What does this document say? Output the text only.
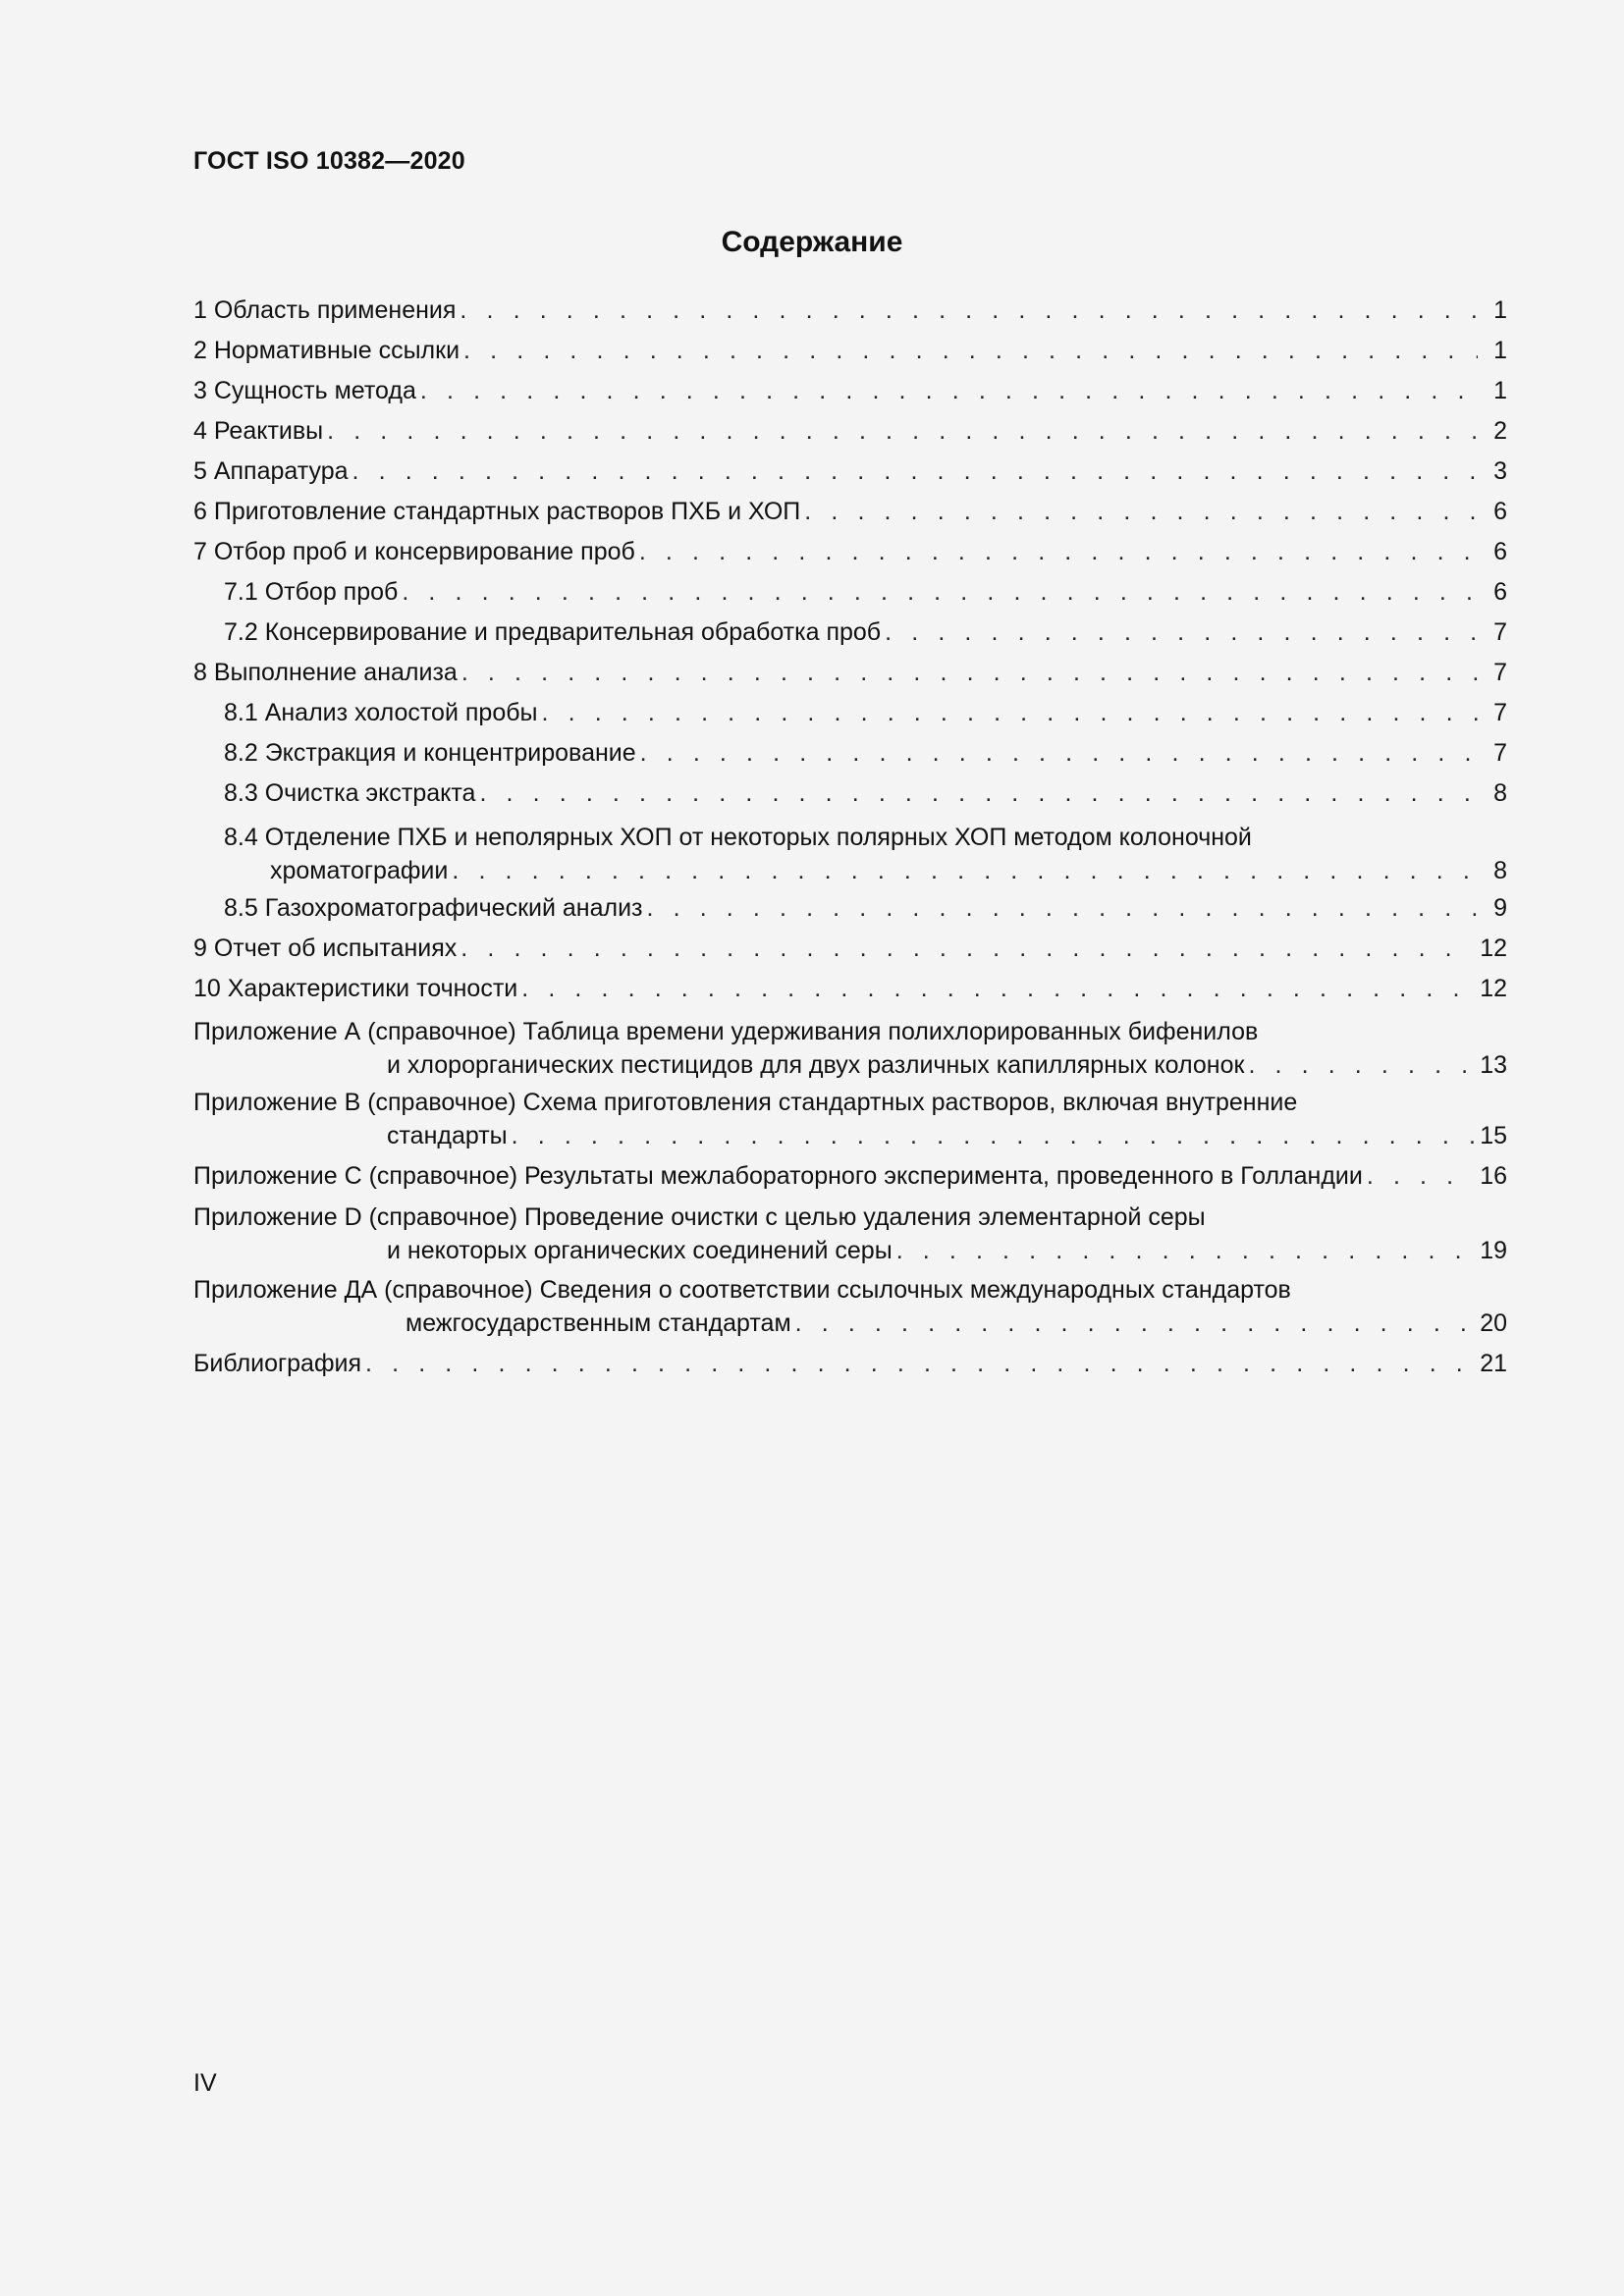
ГОСТ ISO 10382—2020
Содержание
1 Область применения . . .	1
2 Нормативные ссылки . . .	1
3 Сущность метода . . .	1
4 Реактивы . . .	2
5 Аппаратура . . .	3
6 Приготовление стандартных растворов ПХБ и ХОП . . .	6
7 Отбор проб и консервирование проб . . .	6
7.1 Отбор проб . . .	6
7.2 Консервирование и предварительная обработка проб . . .	7
8 Выполнение анализа . . .	7
8.1 Анализ холостой пробы . . .	7
8.2 Экстракция и концентрирование . . .	7
8.3 Очистка экстракта . . .	8
8.4 Отделение ПХБ и неполярных ХОП от некоторых полярных ХОП методом колоночной
хроматографии . . .	8
8.5 Газохроматографический анализ . . .	9
9 Отчет об испытаниях . . .	12
10 Характеристики точности . . .	12
Приложение А (справочное) Таблица времени удерживания полихлорированных бифенилов
и хлорорганических пестицидов для двух различных капиллярных колонок . . .	13
Приложение В (справочное) Схема приготовления стандартных растворов, включая внутренние
стандарты . . .	15
Приложение С (справочное) Результаты межлабораторного эксперимента, проведенного в Голландии . . .	16
Приложение D (справочное) Проведение очистки с целью удаления элементарной серы
и некоторых органических соединений серы . . .	19
Приложение ДА (справочное) Сведения о соответствии ссылочных международных стандартов
межгосударственным стандартам . . .	20
Библиография . . .	21
IV
